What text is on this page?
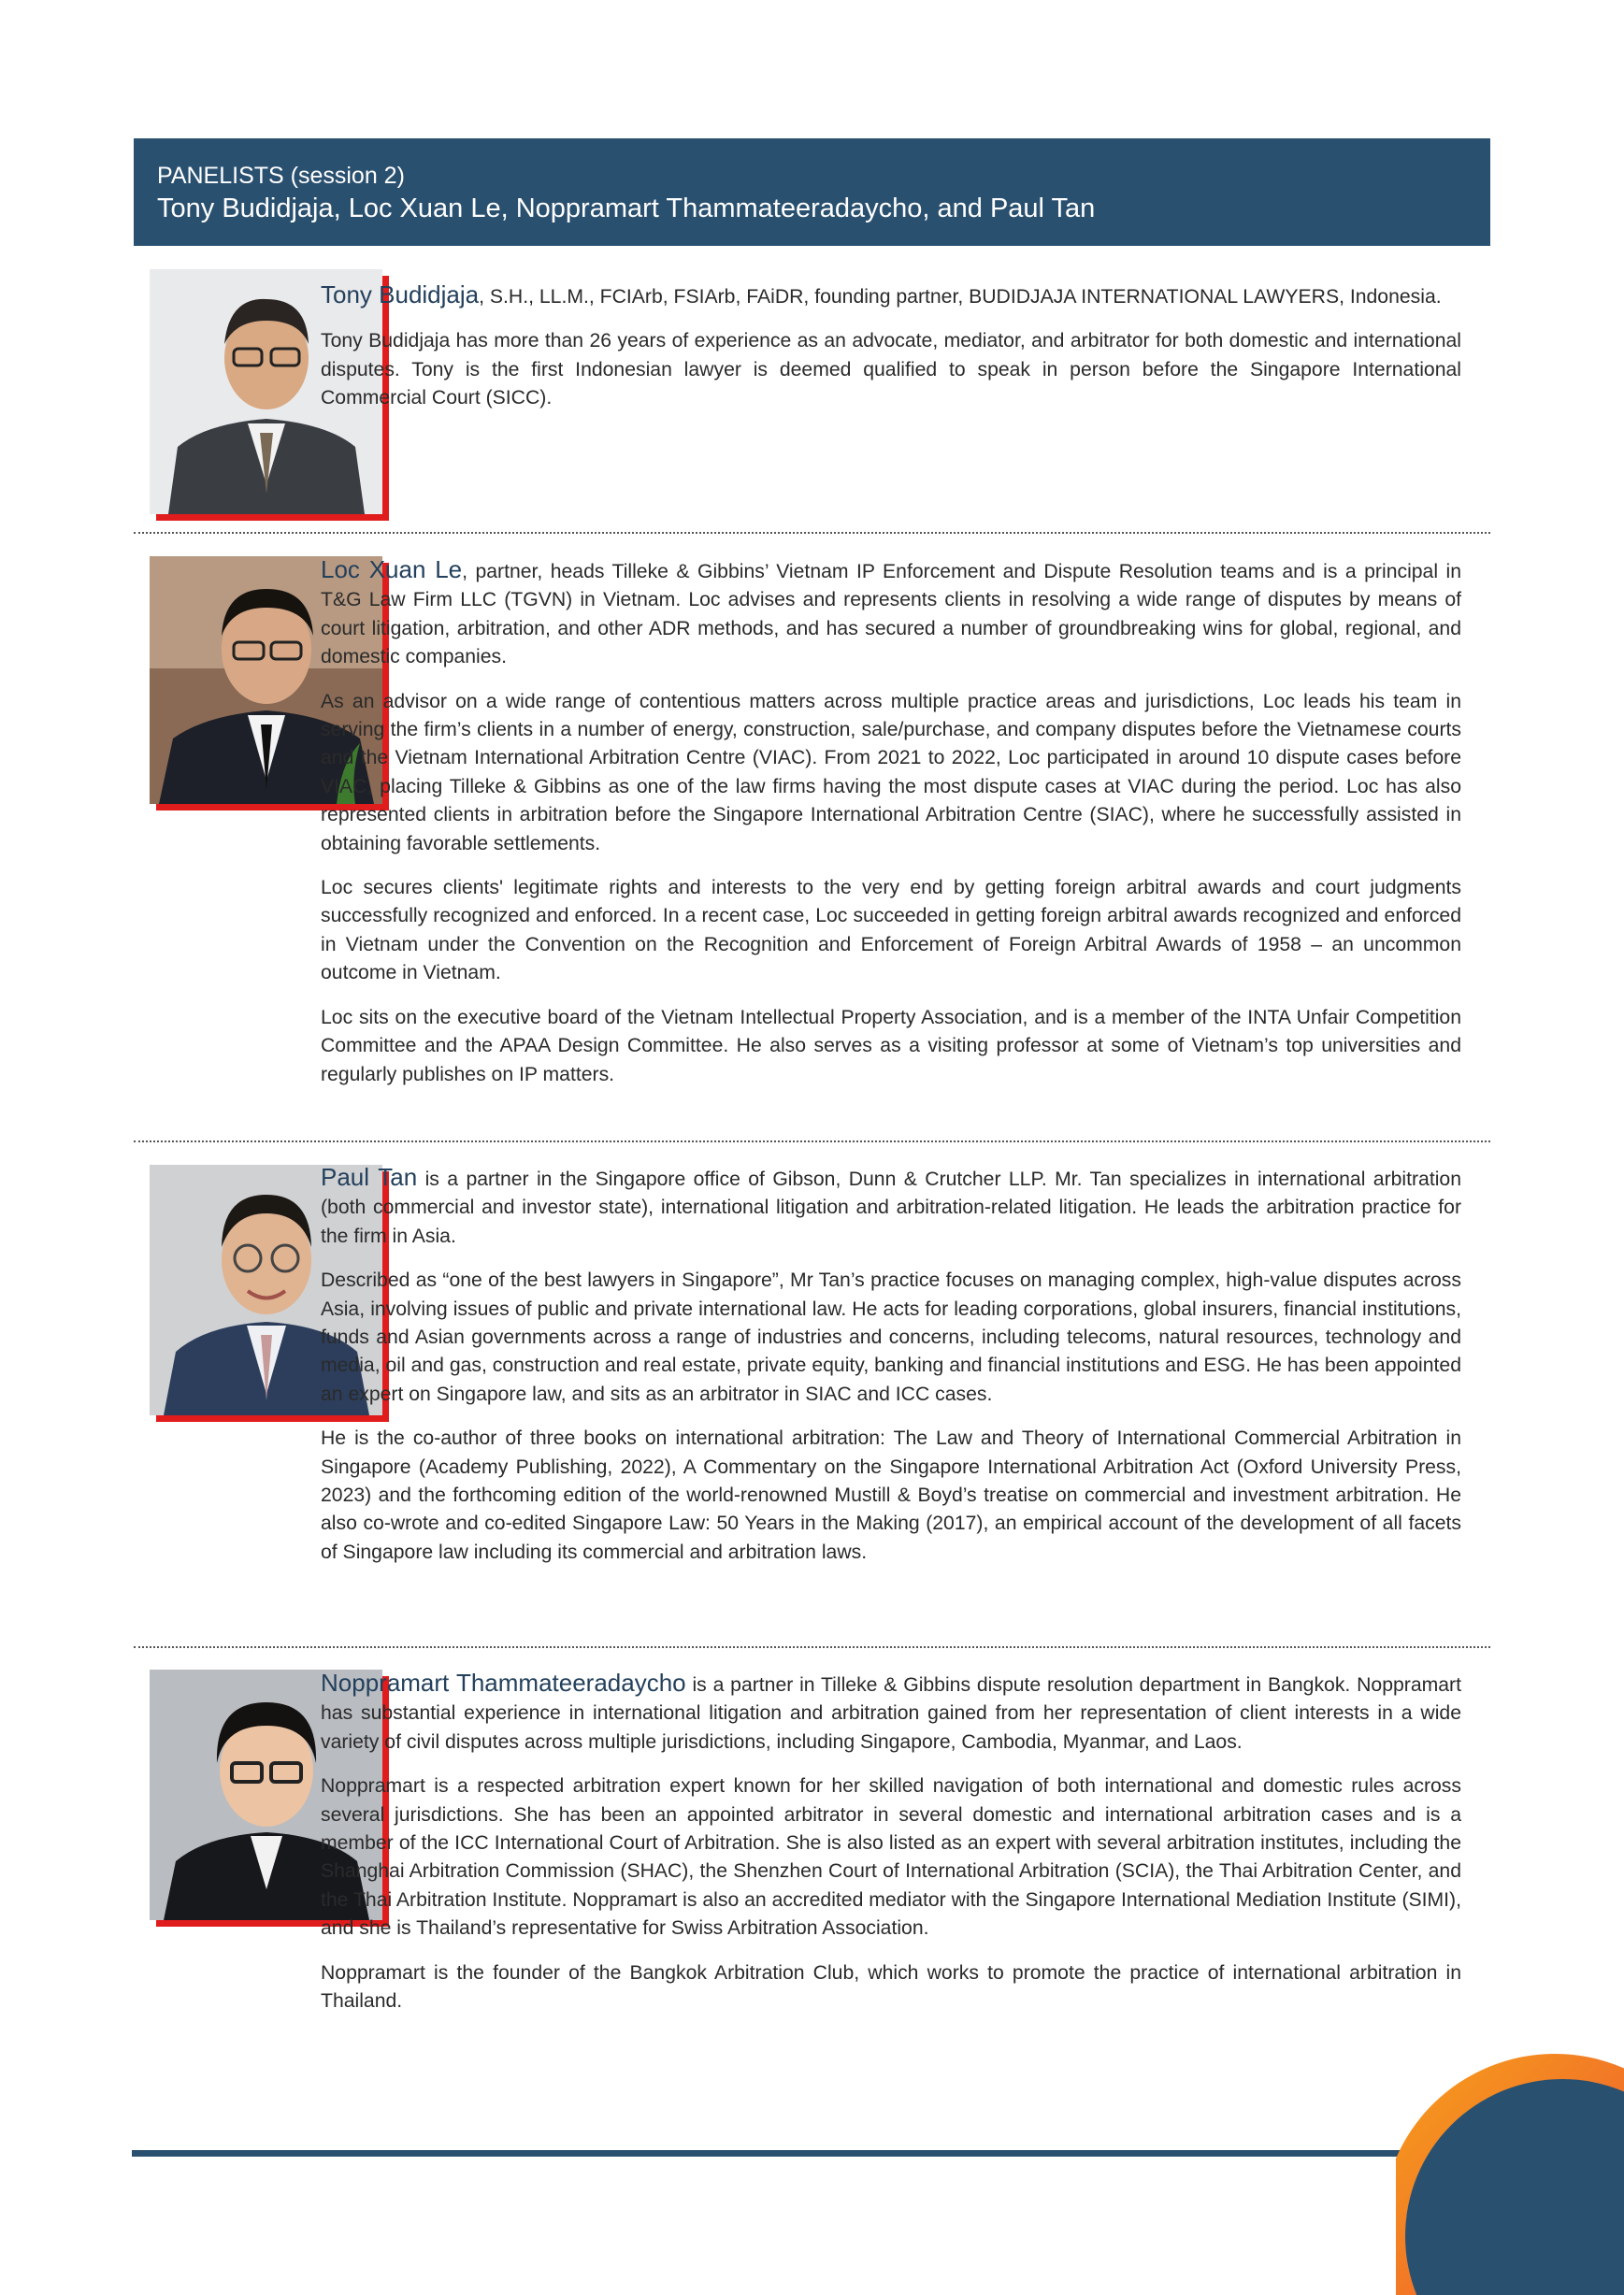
PANELISTS (session 2)
Tony Budidjaja, Loc Xuan Le, Noppramart Thammateeradaycho, and Paul Tan

Tony Budidjaja, S.H., LL.M., FCIArb, FSIArb, FAiDR, founding partner, BUDIDJAJA INTERNATIONAL LAWYERS, Indonesia.

Tony Budidjaja has more than 26 years of experience as an advocate, mediator, and arbitrator for both domestic and international disputes. Tony is the first Indonesian lawyer is deemed qualified to speak in person before the Singapore International Commercial Court (SICC).

Loc Xuan Le, partner, heads Tilleke & Gibbins’ Vietnam IP Enforcement and Dispute Resolution teams and is a principal in T&G Law Firm LLC (TGVN) in Vietnam. Loc advises and represents clients in resolving a wide range of disputes by means of court litigation, arbitration, and other ADR methods, and has secured a number of groundbreaking wins for global, regional, and domestic companies.

As an advisor on a wide range of contentious matters across multiple practice areas and jurisdictions, Loc leads his team in serving the firm’s clients in a number of energy, construction, sale/purchase, and company disputes before the Vietnamese courts and the Vietnam International Arbitration Centre (VIAC). From 2021 to 2022, Loc participated in around 10 dispute cases before VIAC, placing Tilleke & Gibbins as one of the law firms having the most dispute cases at VIAC during the period. Loc has also represented clients in arbitration before the Singapore International Arbitration Centre (SIAC), where he successfully assisted in obtaining favorable settlements.

Loc secures clients' legitimate rights and interests to the very end by getting foreign arbitral awards and court judgments successfully recognized and enforced. In a recent case, Loc succeeded in getting foreign arbitral awards recognized and enforced in Vietnam under the Convention on the Recognition and Enforcement of Foreign Arbitral Awards of 1958 – an uncommon outcome in Vietnam.

Loc sits on the executive board of the Vietnam Intellectual Property Association, and is a member of the INTA Unfair Competition Committee and the APAA Design Committee. He also serves as a visiting professor at some of Vietnam’s top universities and regularly publishes on IP matters.

Paul Tan is a partner in the Singapore office of Gibson, Dunn & Crutcher LLP. Mr. Tan specializes in international arbitration (both commercial and investor state), international litigation and arbitration-related litigation. He leads the arbitration practice for the firm in Asia.

Described as “one of the best lawyers in Singapore”, Mr Tan’s practice focuses on managing complex, high-value disputes across Asia, involving issues of public and private international law. He acts for leading corporations, global insurers, financial institutions, funds and Asian governments across a range of industries and concerns, including telecoms, natural resources, technology and media, oil and gas, construction and real estate, private equity, banking and financial institutions and ESG. He has been appointed an expert on Singapore law, and sits as an arbitrator in SIAC and ICC cases.

He is the co-author of three books on international arbitration: The Law and Theory of International Commercial Arbitration in Singapore (Academy Publishing, 2022), A Commentary on the Singapore International Arbitration Act (Oxford University Press, 2023) and the forthcoming edition of the world-renowned Mustill & Boyd’s treatise on commercial and investment arbitration. He also co-wrote and co-edited Singapore Law: 50 Years in the Making (2017), an empirical account of the development of all facets of Singapore law including its commercial and arbitration laws.

Noppramart Thammateeradaycho is a partner in Tilleke & Gibbins dispute resolution department in Bangkok. Noppramart has substantial experience in international litigation and arbitration gained from her representation of client interests in a wide variety of civil disputes across multiple jurisdictions, including Singapore, Cambodia, Myanmar, and Laos.

Noppramart is a respected arbitration expert known for her skilled navigation of both international and domestic rules across several jurisdictions. She has been an appointed arbitrator in several domestic and international arbitration cases and is a member of the ICC International Court of Arbitration. She is also listed as an expert with several arbitration institutes, including the Shanghai Arbitration Commission (SHAC), the Shenzhen Court of International Arbitration (SCIA), the Thai Arbitration Center, and the Thai Arbitration Institute. Noppramart is also an accredited mediator with the Singapore International Mediation Institute (SIMI), and she is Thailand’s representative for Swiss Arbitration Association.

Noppramart is the founder of the Bangkok Arbitration Club, which works to promote the practice of international arbitration in Thailand.
